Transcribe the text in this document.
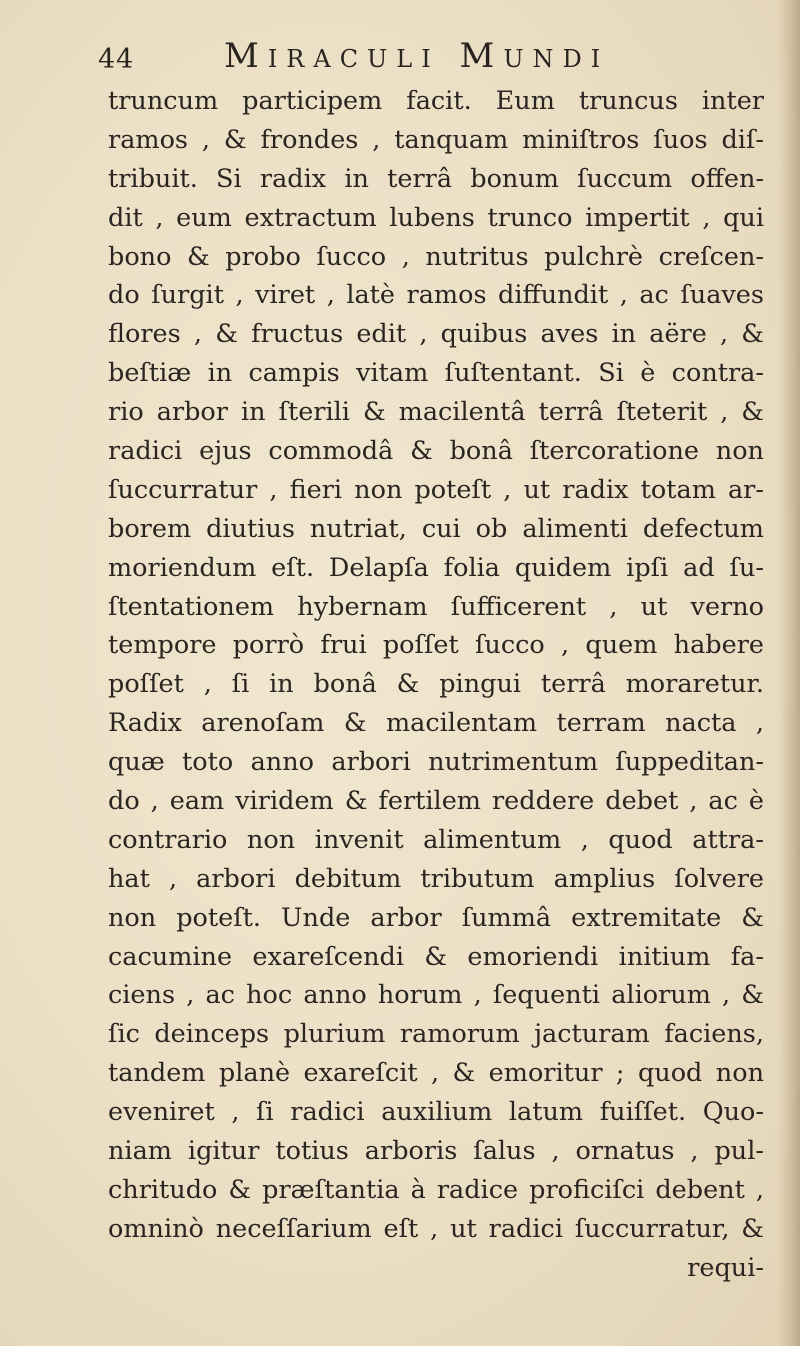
44	Miraculi Mundi
truncum participem facit. Eum truncus inter
ramos , & frondes , tanquam miniſtros ſuos diſ-
tribuit. Si radix in terrâ bonum ſuccum offen-
dit , eum extractum lubens trunco impertit , qui
bono & probo ſucco , nutritus pulchrè creſcen-
do ſurgit , viret , latè ramos diffundit , ac ſuaves
flores , & fructus edit , quibus aves in aëre , &
beſtiæ in campis vitam ſuſtentant. Si è contra-
rio arbor in ſterili & macilentâ terrâ ſteterit , &
radici ejus commodâ & bonâ ſtercoratione non
ſuccurratur , fieri non poteſt , ut radix totam ar-
borem diutius nutriat, cui ob alimenti defectum
moriendum eſt. Delapſa folia quidem ipſi ad ſu-
ſtentationem hybernam ſufficerent , ut verno
tempore porrò frui poſſet ſucco , quem habere
poſſet , ſi in bonâ & pingui terrâ moraretur.
Radix arenoſam & macilentam terram nacta ,
quæ toto anno arbori nutrimentum ſuppeditan-
do , eam viridem & fertilem reddere debet , ac è
contrario non invenit alimentum , quod attra-
hat , arbori debitum tributum amplius ſolvere
non poteſt. Unde arbor ſummâ extremitate &
cacumine exareſcendi & emoriendi initium fa-
ciens , ac hoc anno horum , ſequenti aliorum , &
ſic deinceps plurium ramorum jacturam faciens,
tandem planè exareſcit , & emoritur ; quod non
eveniret , ſi radici auxilium latum fuiſſet. Quo-
niam igitur totius arboris ſalus , ornatus , pul-
chritudo & præſtantia à radice proficiſci debent ,
omninò neceſſarium eſt , ut radici ſuccurratur, &
requi-
